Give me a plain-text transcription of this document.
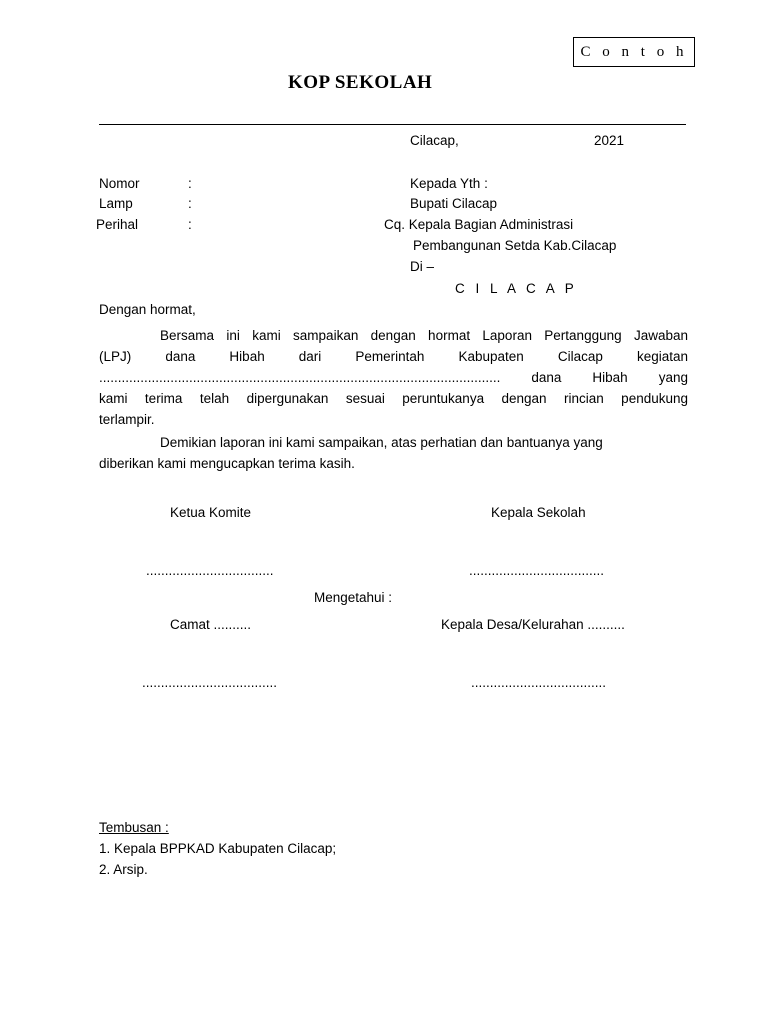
C o n t o h
KOP SEKOLAH
Cilacap,	2021
Nomor	:
Lamp	:
Perihal	:
Kepada Yth :
Bupati Cilacap
Cq. Kepala Bagian Administrasi
Pembangunan Setda Kab.Cilacap
Di –
C I L A C A P
Dengan hormat,
Bersama ini kami sampaikan dengan hormat Laporan Pertanggung Jawaban
(LPJ) dana Hibah dari Pemerintah Kabupaten Cilacap kegiatan
........................................................................................................... dana Hibah yang
kami terima telah dipergunakan sesuai peruntukanya dengan rincian pendukung
terlampir.
Demikian laporan ini kami sampaikan, atas perhatian dan bantuanya yang
diberikan kami mengucapkan terima kasih.
Ketua Komite	Kepala Sekolah
..................................	....................................
Mengetahui :
Camat ..........	Kepala Desa/Kelurahan ..........
....................................	....................................
Tembusan :
1. Kepala BPPKAD Kabupaten Cilacap;
2. Arsip.
